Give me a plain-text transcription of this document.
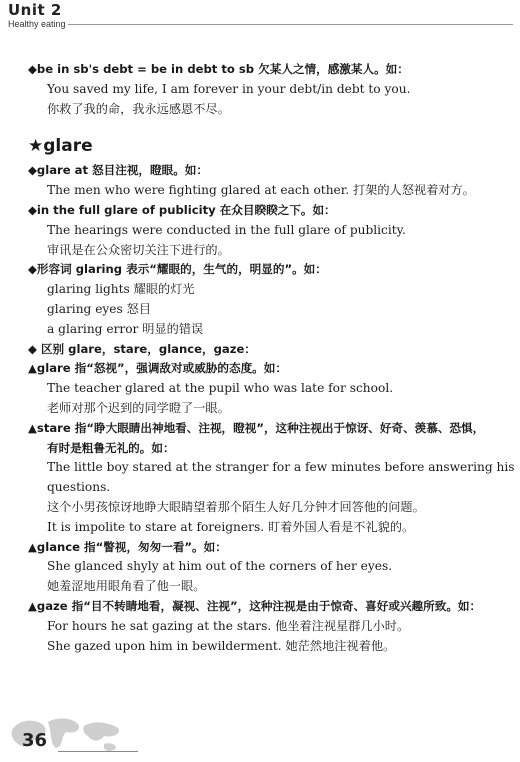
Unit 2
Healthy eating
◆be in sb's debt = be in debt to sb 欠某人之情，感激某人。如：
You saved my life, I am forever in your debt/in debt to you.
你救了我的命，我永远感恩不尽。
★glare
◆glare at 怒目注视，瞪眼。如：
The men who were fighting glared at each other. 打架的人怒视着对方。
◆in the full glare of publicity 在众目睽睽之下。如：
The hearings were conducted in the full glare of publicity.
审讯是在公众密切关注下进行的。
◆形容词 glaring 表示“耀眼的，生气的，明显的”。如：
glaring lights 耀眼的灯光
glaring eyes 怒目
a glaring error 明显的错误
◆ 区别 glare，stare，glance，gaze：
▲glare 指“怒视”，强调敌对或威胁的态度。如：
The teacher glared at the pupil who was late for school.
老师对那个迟到的同学瞪了一眼。
▲stare 指“睁大眼睛出神地看、注视，瞪视”，这种注视出于惊讶、好奇、羡慕、恐惧，
有时是粗鲁无礼的。如：
The little boy stared at the stranger for a few minutes before answering his
questions.
这个小男孩惊讶地睁大眼睛望着那个陌生人好几分钟才回答他的问题。
It is impolite to stare at foreigners. 盯着外国人看是不礼貌的。
▲glance 指“瞥视，匆匆一看”。如：
She glanced shyly at him out of the corners of her eyes.
她羞涩地用眼角看了他一眼。
▲gaze 指“目不转睛地看，凝视、注视”，这种注视是由于惊奇、喜好或兴趣所致。如：
For hours he sat gazing at the stars. 他坐着注视星群几小时。
She gazed upon him in bewilderment. 她茫然地注视着他。
36
